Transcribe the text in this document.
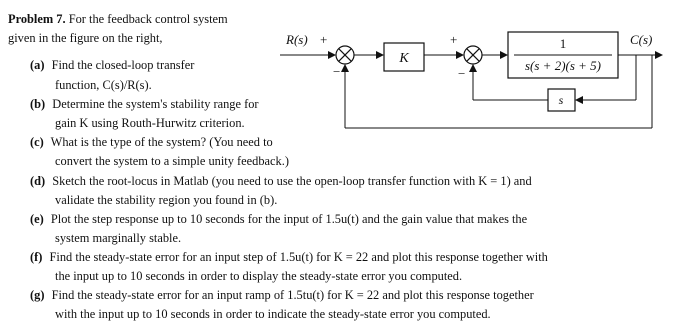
Problem 7. For the feedback control system
given in the figure on the right,
(a) Find the closed-loop transfer
function, C(s)/R(s).
(b) Determine the system's stability range for
gain K using Routh-Hurwitz criterion.
(c) What is the type of the system? (You need to
convert the system to a simple unity feedback.)
(d) Sketch the root-locus in Matlab (you need to use the open-loop transfer function with K = 1) and
validate the stability region you found in (b).
(e) Plot the step response up to 10 seconds for the input of 1.5u(t) and the gain value that makes the
system marginally stable.
(f) Find the steady-state error for an input step of 1.5u(t) for K = 22 and plot this response together with
the input up to 10 seconds in order to display the steady-state error you computed.
(g) Find the steady-state error for an input ramp of 1.5tu(t) for K = 22 and plot this response together
with the input up to 10 seconds in order to indicate the steady-state error you computed.
R(s) +
−
K
+
−
1
s(s + 2)(s + 5)
C(s)
s
